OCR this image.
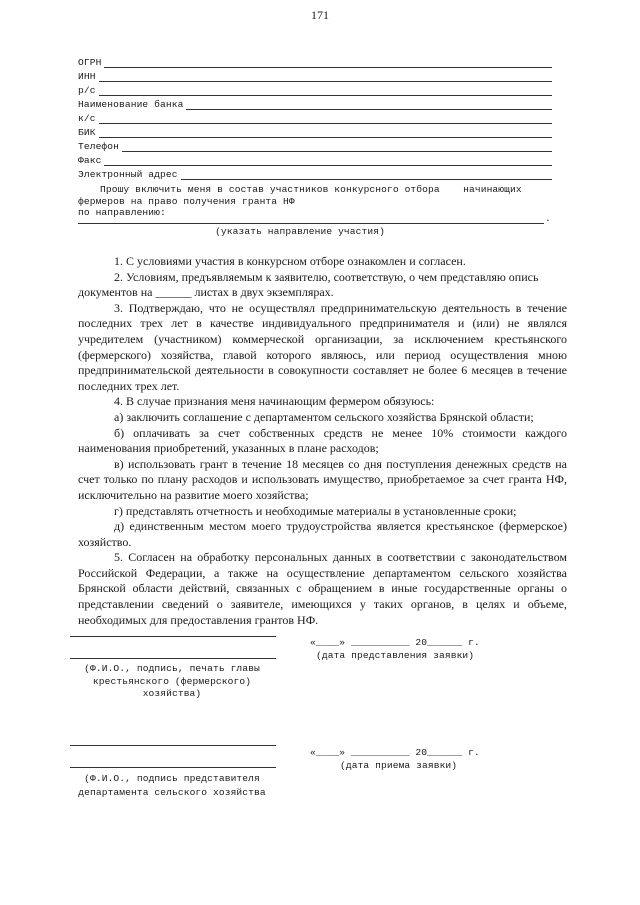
171
ОГРН
ИНН
р/с
Наименование банка
к/с
БИК
Телефон
Факс
Электронный адрес
Прошу включить меня в состав участников конкурсного отбора    начинающих
фермеров на право получения гранта НФ
по направлению:
.
(указать направление участия)

1. С условиями участия в конкурсном отборе ознакомлен и согласен.

2. Условиям, предъявляемым к заявителю, соответствую, о чем представляю опись

документов на ______ листах в двух экземплярах.

3. Подтверждаю, что не осуществлял предпринимательскую деятельность в течение последних трех лет в качестве индивидуального предпринимателя и (или) не являлся учредителем (участником) коммерческой организации, за исключением крестьянского (фермерского) хозяйства, главой которого являюсь, или период осуществления мною предпринимательской деятельности в совокупности составляет не более 6 месяцев в течение последних трех лет.

4. В случае признания меня начинающим фермером обязуюсь:

а) заключить соглашение с департаментом сельского хозяйства Брянской области;

б) оплачивать за счет собственных средств не менее 10% стоимости каждого наименования приобретений, указанных в плане расходов;

в) использовать грант в течение 18 месяцев со дня поступления денежных средств на счет только по плану расходов и использовать имущество, приобретаемое за счет гранта НФ, исключительно на развитие моего хозяйства;

г) представлять отчетность и необходимые материалы в установленные сроки;

д) единственным местом моего трудоустройства является крестьянское (фермерское) хозяйство.

5. Согласен на обработку персональных данных в соответствии с законодательством Российской Федерации, а также на осуществление департаментом сельского хозяйства Брянской области действий, связанных с обращением в иные государственные органы о представлении сведений о заявителе, имеющихся у таких органов, в целях и объеме, необходимых для предоставления грантов НФ.

(Ф.И.О., подпись, печать главы
крестьянского (фермерского)
хозяйства)
«____» __________ 20______ г.
(дата представления заявки)
(Ф.И.О., подпись представителя
департамента сельского хозяйства
«____» __________ 20______ г.
(дата приема заявки)
